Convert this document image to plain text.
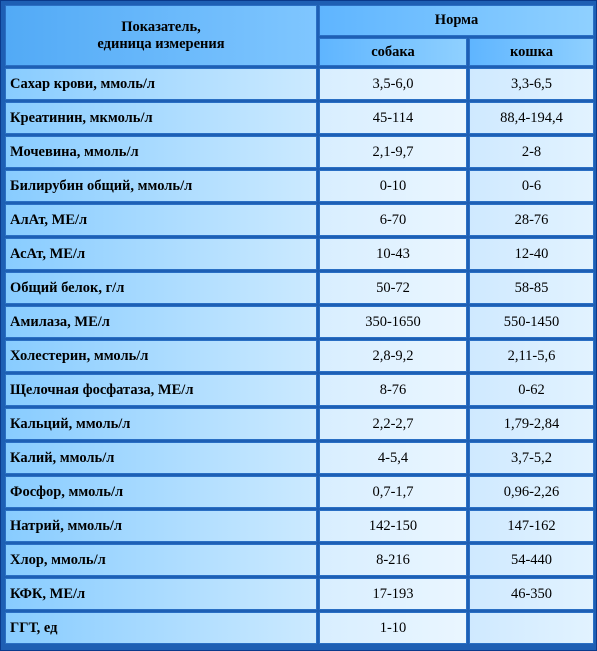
Показатель,
единица измерения	Норма	
	собака	кошка
Сахар крови, ммоль/л	3,5-6,0	3,3-6,5
Креатинин, мкмоль/л	45-114	88,4-194,4
Мочевина, ммоль/л	2,1-9,7	2-8
Билирубин общий, ммоль/л	0-10	0-6
АлАт, МЕ/л	6-70	28-76
АсАт, МЕ/л	10-43	12-40
Общий белок, г/л	50-72	58-85
Амилаза, МЕ/л	350-1650	550-1450
Холестерин, ммоль/л	2,8-9,2	2,11-5,6
Щелочная фосфатаза, МЕ/л	8-76	0-62
Кальций, ммоль/л	2,2-2,7	1,79-2,84
Калий, ммоль/л	4-5,4	3,7-5,2
Фосфор, ммоль/л	0,7-1,7	0,96-2,26
Натрий, ммоль/л	142-150	147-162
Хлор, ммоль/л	8-216	54-440
КФК, МЕ/л	17-193	46-350
ГГТ, ед	1-10	
